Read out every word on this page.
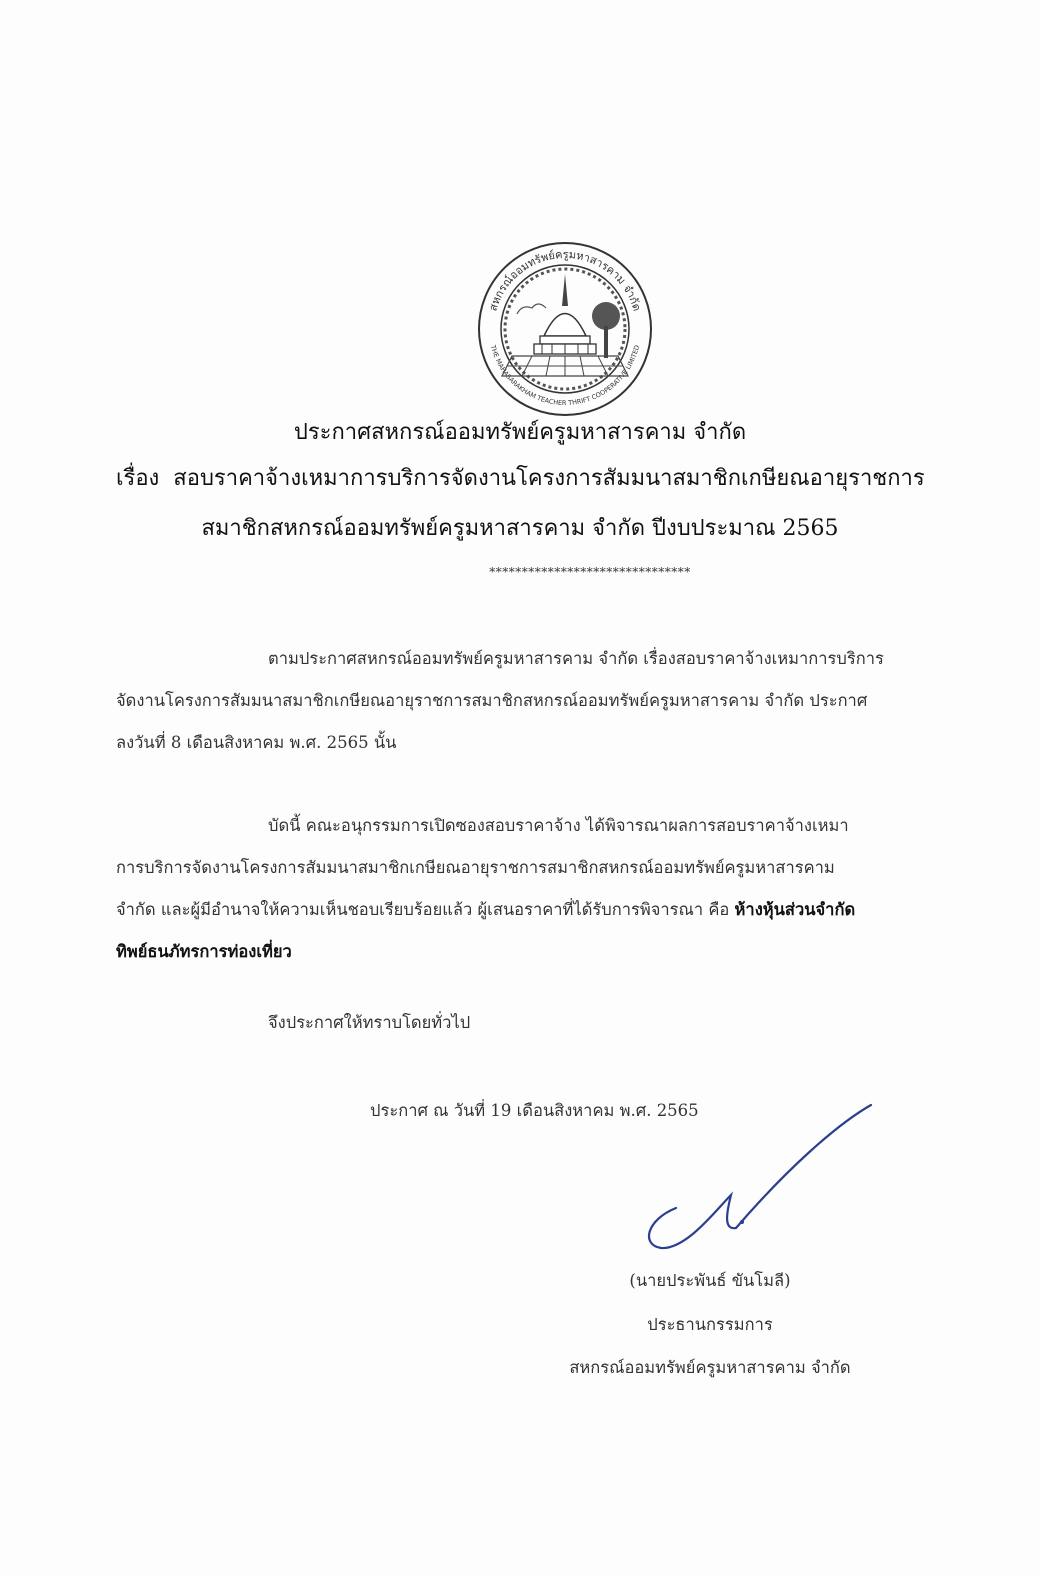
สหกรณ์ออมทรัพย์ครูมหาสารคาม จำกัด
THE MAHASARAKHAM TEACHER THRIFT COOPERATIVE LIMITED
ประกาศสหกรณ์ออมทรัพย์ครูมหาสารคาม จำกัด
เรื่อง สอบราคาจ้างเหมาการบริการจัดงานโครงการสัมมนาสมาชิกเกษียณอายุราชการ
สมาชิกสหกรณ์ออมทรัพย์ครูมหาสารคาม จำกัด ปีงบประมาณ 2565
*******************************
ตามประกาศสหกรณ์ออมทรัพย์ครูมหาสารคาม จำกัด เรื่องสอบราคาจ้างเหมาการบริการ
จัดงานโครงการสัมมนาสมาชิกเกษียณอายุราชการสมาชิกสหกรณ์ออมทรัพย์ครูมหาสารคาม จำกัด ประกาศ
ลงวันที่ 8 เดือนสิงหาคม พ.ศ. 2565 นั้น
บัดนี้ คณะอนุกรรมการเปิดซองสอบราคาจ้าง ได้พิจารณาผลการสอบราคาจ้างเหมา
การบริการจัดงานโครงการสัมมนาสมาชิกเกษียณอายุราชการสมาชิกสหกรณ์ออมทรัพย์ครูมหาสารคาม
จำกัด และผู้มีอำนาจให้ความเห็นชอบเรียบร้อยแล้ว ผู้เสนอราคาที่ได้รับการพิจารณา คือ ห้างหุ้นส่วนจำกัด
ทิพย์ธนภัทรการท่องเที่ยว
จึงประกาศให้ทราบโดยทั่วไป
ประกาศ ณ วันที่ 19 เดือนสิงหาคม พ.ศ. 2565
(นายประพันธ์ ขันโมลี)
ประธานกรรมการ
สหกรณ์ออมทรัพย์ครูมหาสารคาม จำกัด
